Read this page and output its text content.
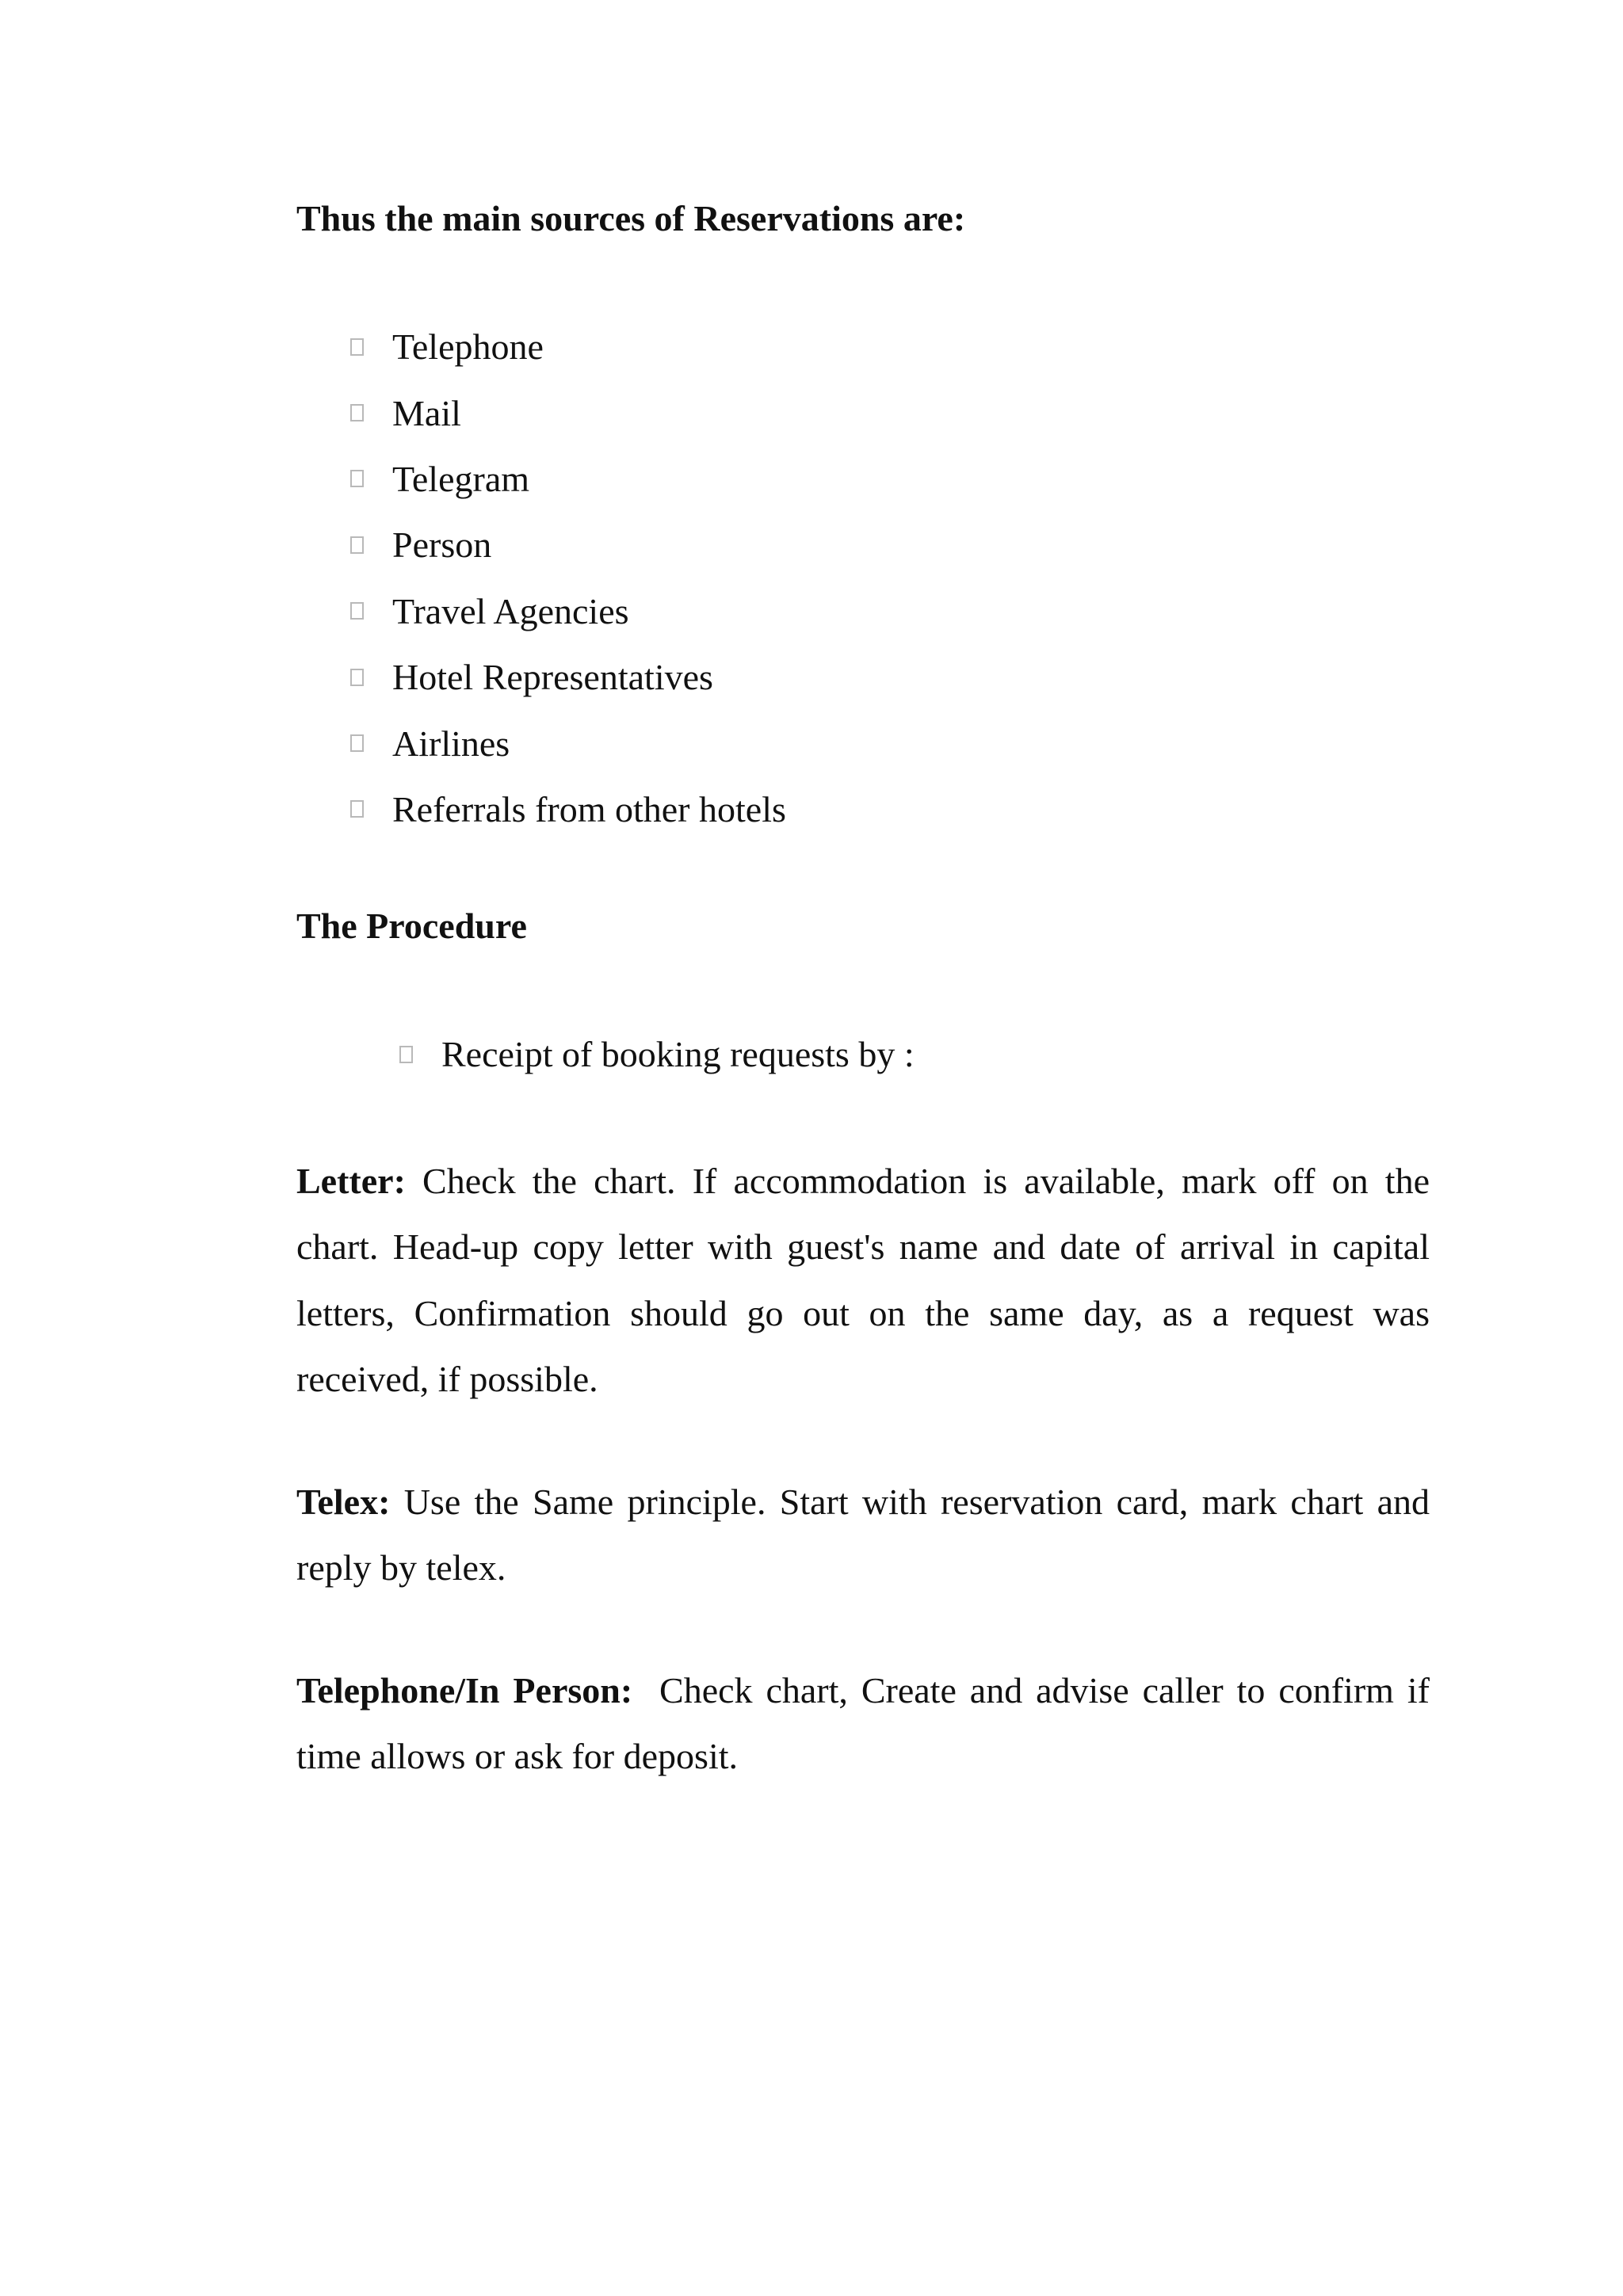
Thus the main sources of Reservations are:
Telephone
Mail
Telegram
Person
Travel Agencies
Hotel Representatives
Airlines
Referrals from other hotels
The Procedure
Receipt of booking requests by :

Letter: Check the chart. If accommodation is available, mark off on the chart. Head-up copy letter with guest's name and date of arrival in capital letters, Confirmation should go out on the same day, as a request was received, if possible.

Telex: Use the Same principle. Start with reservation card, mark chart and reply by telex.

Telephone/In Person:  Check chart, Create and advise caller to confirm if time allows or ask for deposit.
